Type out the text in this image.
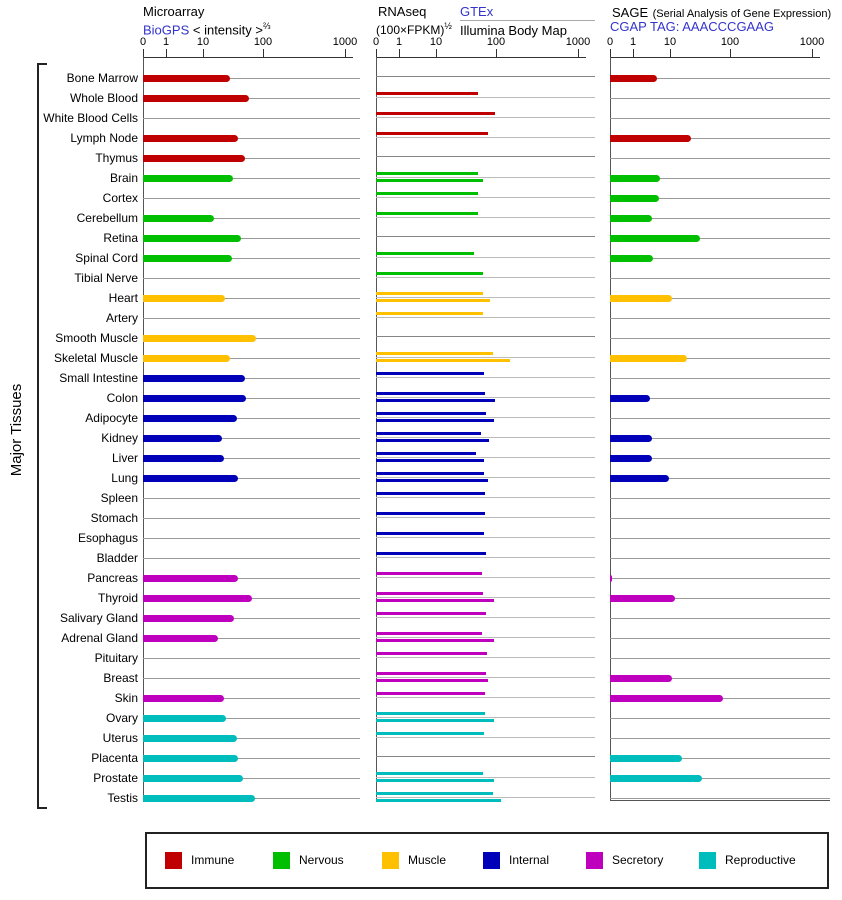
Microarray
BioGPS < intensity >$^{\frac{2}{3}}$
RNAseq
(100×FPKM)$^{\frac{1}{2}}$
GTEx
Illumina Body Map
SAGE (Serial Analysis of Gene Expression)
CGAP TAG: AAACCCGAAG
Major Tissues
0	1	10	100	1000	0	1	10	100	1000	0	1	10	100	1000
Bone Marrow
Whole Blood
White Blood Cells
Lymph Node
Thymus
Brain
Cortex
Cerebellum
Retina
Spinal Cord
Tibial Nerve
Heart
Artery
Smooth Muscle
Skeletal Muscle
Small Intestine
Colon
Adipocyte
Kidney
Liver
Lung
Spleen
Stomach
Esophagus
Bladder
Pancreas
Thyroid
Salivary Gland
Adrenal Gland
Pituitary
Breast
Skin
Ovary
Uterus
Placenta
Prostate
Testis
Immune	Nervous	Muscle	Internal	Secretory	Reproductive
